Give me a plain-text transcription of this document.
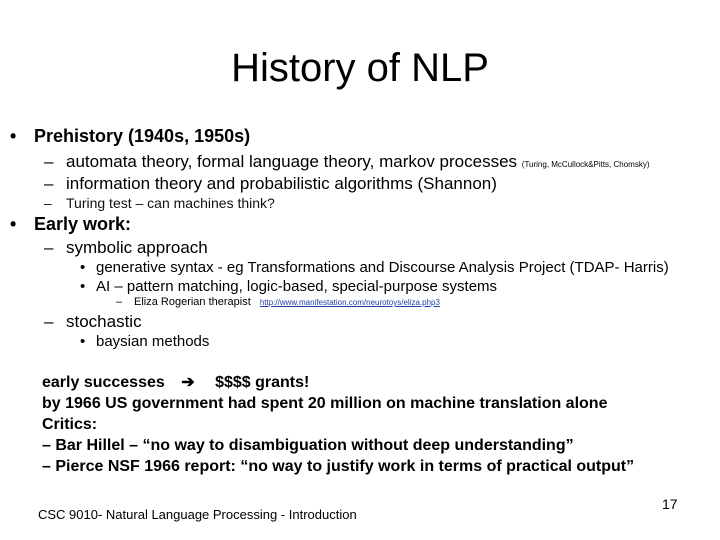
History of NLP
• Prehistory (1940s, 1950s)
– automata theory, formal language theory, markov processes (Turing, McCullock&Pitts, Chomsky)
– information theory and probabilistic algorithms (Shannon)
– Turing test – can machines think?
• Early work:
– symbolic approach
• generative syntax - eg Transformations and Discourse Analysis Project (TDAP- Harris)
• AI – pattern matching, logic-based, special-purpose systems
– Eliza Rogerian therapist http://www.manifestation.com/neurotoys/eliza.php3
– stochastic
• baysian methods
early successes ➔ $$$$ grants!
by 1966 US government had spent 20 million on machine translation alone
Critics:
– Bar Hillel – “no way to disambiguation without deep understanding”
– Pierce NSF 1966 report: “no way to justify work in terms of practical output”
CSC 9010- Natural Language Processing - Introduction
17
